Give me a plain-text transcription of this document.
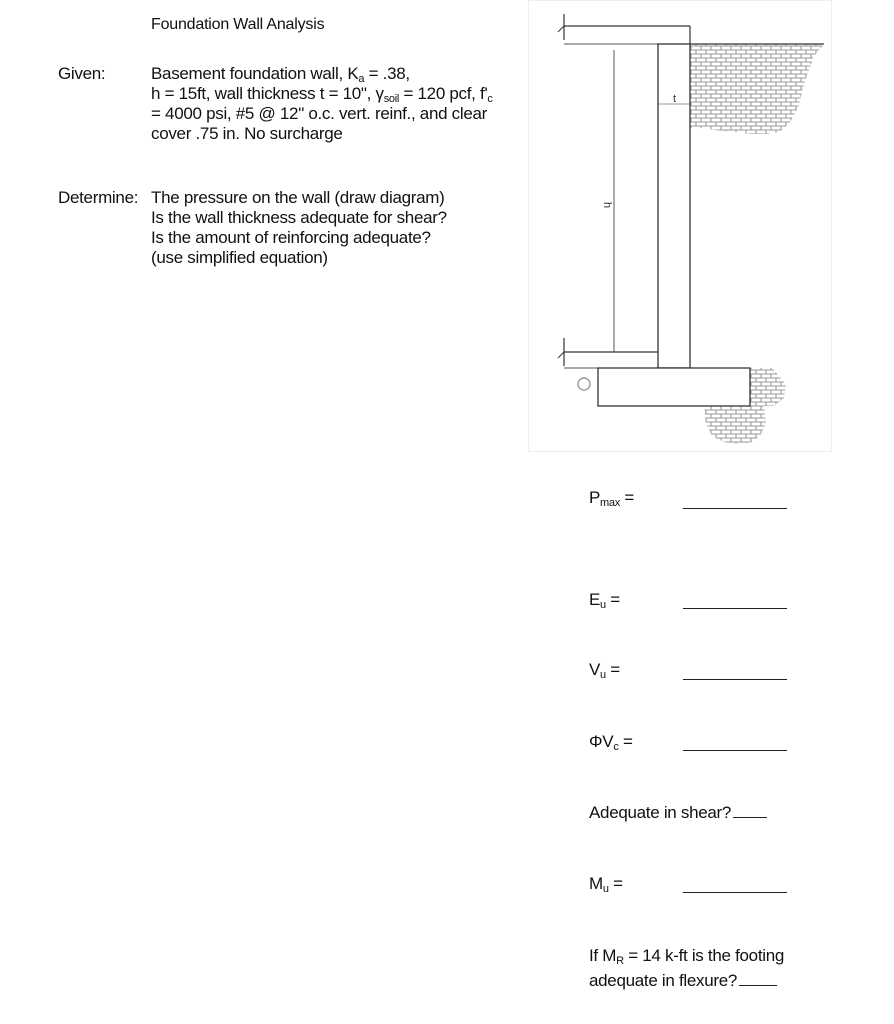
Foundation Wall Analysis
Given:	Basement foundation wall, $K_a = .38$,
h = 15ft, wall thickness t = 10", $\gamma_{soil} = 120$ pcf, $f'_c$
= 4000 psi, #5 @ 12" o.c. vert. reinf., and clear
cover .75 in. No surcharge
Determine: The pressure on the wall (draw diagram)
Is the wall thickness adequate for shear?
Is the amount of reinforcing adequate?
(use simplified equation)
h
t
$P_{max}$ =
$E_u$ =
$V_u$ =
$\Phi V_c$ =
Adequate in shear?
$M_u$ =
If $M_R = 14$ k-ft is the footing
adequate in flexure?
